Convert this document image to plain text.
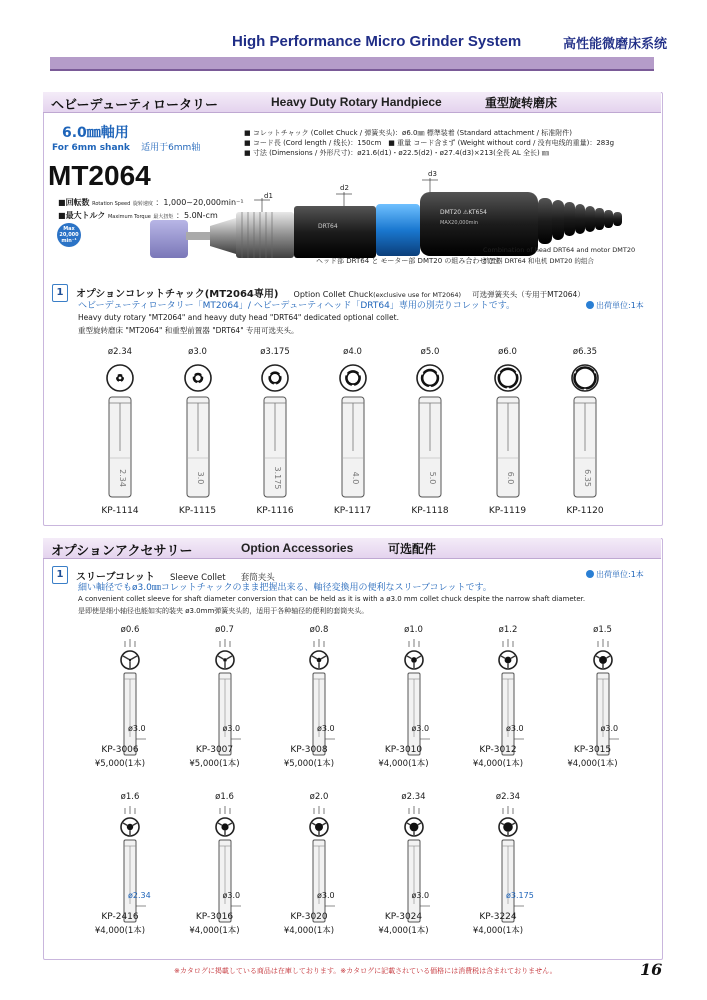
High Performance Micro Grinder System	高性能微磨床系统
ヘビーデューティロータリー	Heavy Duty Rotary Handpiece	重型旋转磨床
6.0㎜軸用
For 6mm shank 适用于6mm轴
MT2064
■回転数 Rotation Speed 旋转速度 ：1,000~20,000min⁻¹
■最大トルク Maximum Torque 最大扭矩 ：5.0N-cm
Max
20,000
min⁻¹
■ コレットチャック (Collet Chuck / 弹簧夹头)：ø6.0㎜ 標準装着 (Standard attachment / 标准附件)
■ コード長 (Cord length / 线长)：150cm　■ 重量 コード含まず (Weight without cord / 没有电线的重量)：283g
■ 寸法 (Dimensions / 外形尺寸)：ø21.6(d1)・ø22.5(d2)・ø27.4(d3)×213(全長 AL 全长) ㎜
DRT64
DMT20 ⚠KT654
MAX20,000min
d1
d2
d3
ヘッド部 DRT64 と モーター部 DMT20 の組み合わせです
Combination of head DRT64 and motor DMT20
前置器 DRT64 和电机 DMT20 的组合
1	オプションコレットチャック(MT2064専用) Option Collet Chuck(exclusive use for MT2064) 可选弹簧夹头（专用于MT2064）
ヘビーデューティロータリー「MT2064」/ ヘビーデューティヘッド「DRT64」専用の別売りコレットです。	出荷単位:1本
Heavy duty rotary "MT2064" and heavy duty head "DRT64" dedicated optional collet.
重型旋转磨床 "MT2064" 和重型前置器 "DRT64" 专用可选夹头。
ø2.34
2.34
KP-1114
ø3.0
3.0
KP-1115
ø3.175
3.175
KP-1116
ø4.0
4.0
KP-1117
ø5.0
5.0
KP-1118
ø6.0
6.0
KP-1119
ø6.35
6.35
KP-1120
オプションアクセサリー	Option Accessories	可选配件
1	スリーブコレット Sleeve Collet 套筒夹头
細い軸径でもø3.0㎜コレットチャックのまま把握出来る、軸径変換用の便利なスリーブコレットです。
出荷単位:1本
A convenient collet sleeve for shaft diameter conversion that can be held as it is with a ø3.0 mm collet chuck despite the narrow shaft diameter.
是即使是细小轴径也能如实的装夹 ø3.0mm弹簧夹头的，适用于各种轴径的便利的套筒夹头。
ø0.6
ø3.0
KP-3006
¥5,000(1本)
ø0.7
ø3.0
KP-3007
¥5,000(1本)
ø0.8
ø3.0
KP-3008
¥5,000(1本)
ø1.0
ø3.0
KP-3010
¥4,000(1本)
ø1.2
ø3.0
KP-3012
¥4,000(1本)
ø1.5
ø3.0
KP-3015
¥4,000(1本)
ø1.6
ø2.34
KP-2416
¥4,000(1本)
ø1.6
ø3.0
KP-3016
¥4,000(1本)
ø2.0
ø3.0
KP-3020
¥4,000(1本)
ø2.34
ø3.0
KP-3024
¥4,000(1本)
ø2.34
ø3.175
KP-3224
¥4,000(1本)
※カタログに掲載している商品は在庫しております。※カタログに記載されている価格には消費税は含まれておりません。	16
